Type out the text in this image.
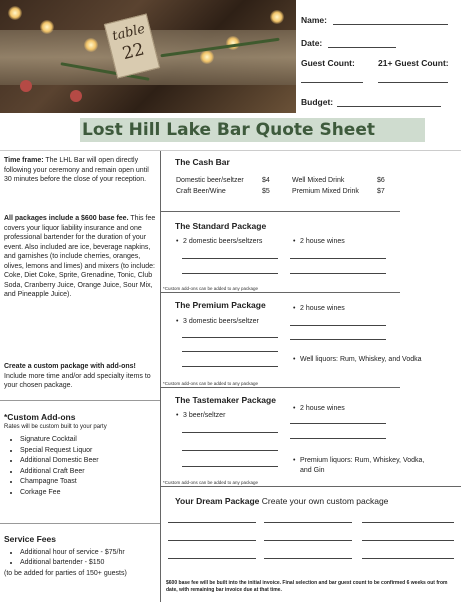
table
22
Name:
Date:
Guest Count:	21+ Guest Count:
Budget:
Lost Hill Lake Bar Quote Sheet
Time frame: The LHL Bar will open directly following your ceremony and remain open until 30 minutes before the close of your reception.
All packages include a $600 base fee. This fee covers your liquor liability insurance and one professional bartender for the duration of your event. Also included are ice, beverage napkins, and garnishes (to include cherries, oranges, olives, lemons and limes) and mixers (to include: Coke, Diet Coke, Sprite, Grenadine, Tonic, Club Soda, Cranberry Juice, Orange Juice, Sour Mix, and Pineapple Juice).
Create a custom package with add-ons! Include more time and/or add specialty items to your chosen package.
*Custom Add-ons
Rates will be custom built to your party
• Signature Cocktail
• Special Request Liquor
• Additional Domestic Beer
• Additional Craft Beer
• Champagne Toast
• Corkage Fee
Service Fees
• Additional hour of service - $75/hr
• Additional bartender - $150
(to be added for parties of 150+ guests)
The Cash Bar
Domestic beer/seltzer	$4
Craft Beer/Wine	$5
Well Mixed Drink	$6
Premium Mixed Drink	$7
The Standard Package
• 2 domestic beers/seltzers
•	2 house wines
*Custom add-ons can be added to any package
The Premium Package
• 3 domestic beers/seltzer
• 2 house wines
• Well liquors: Rum, Whiskey, and Vodka
*Custom add-ons can be added to any package
The Tastemaker Package
• 3 beer/seltzer
• 2 house wines
• Premium liquors: Rum, Whiskey, Vodka, and Gin
*Custom add-ons can be added to any package
Your Dream Package Create your own custom package
$600 base fee will be built into the initial invoice. Final selection and bar guest count to be confirmed 6 weeks out from date, with remaining bar invoice due at that time.
